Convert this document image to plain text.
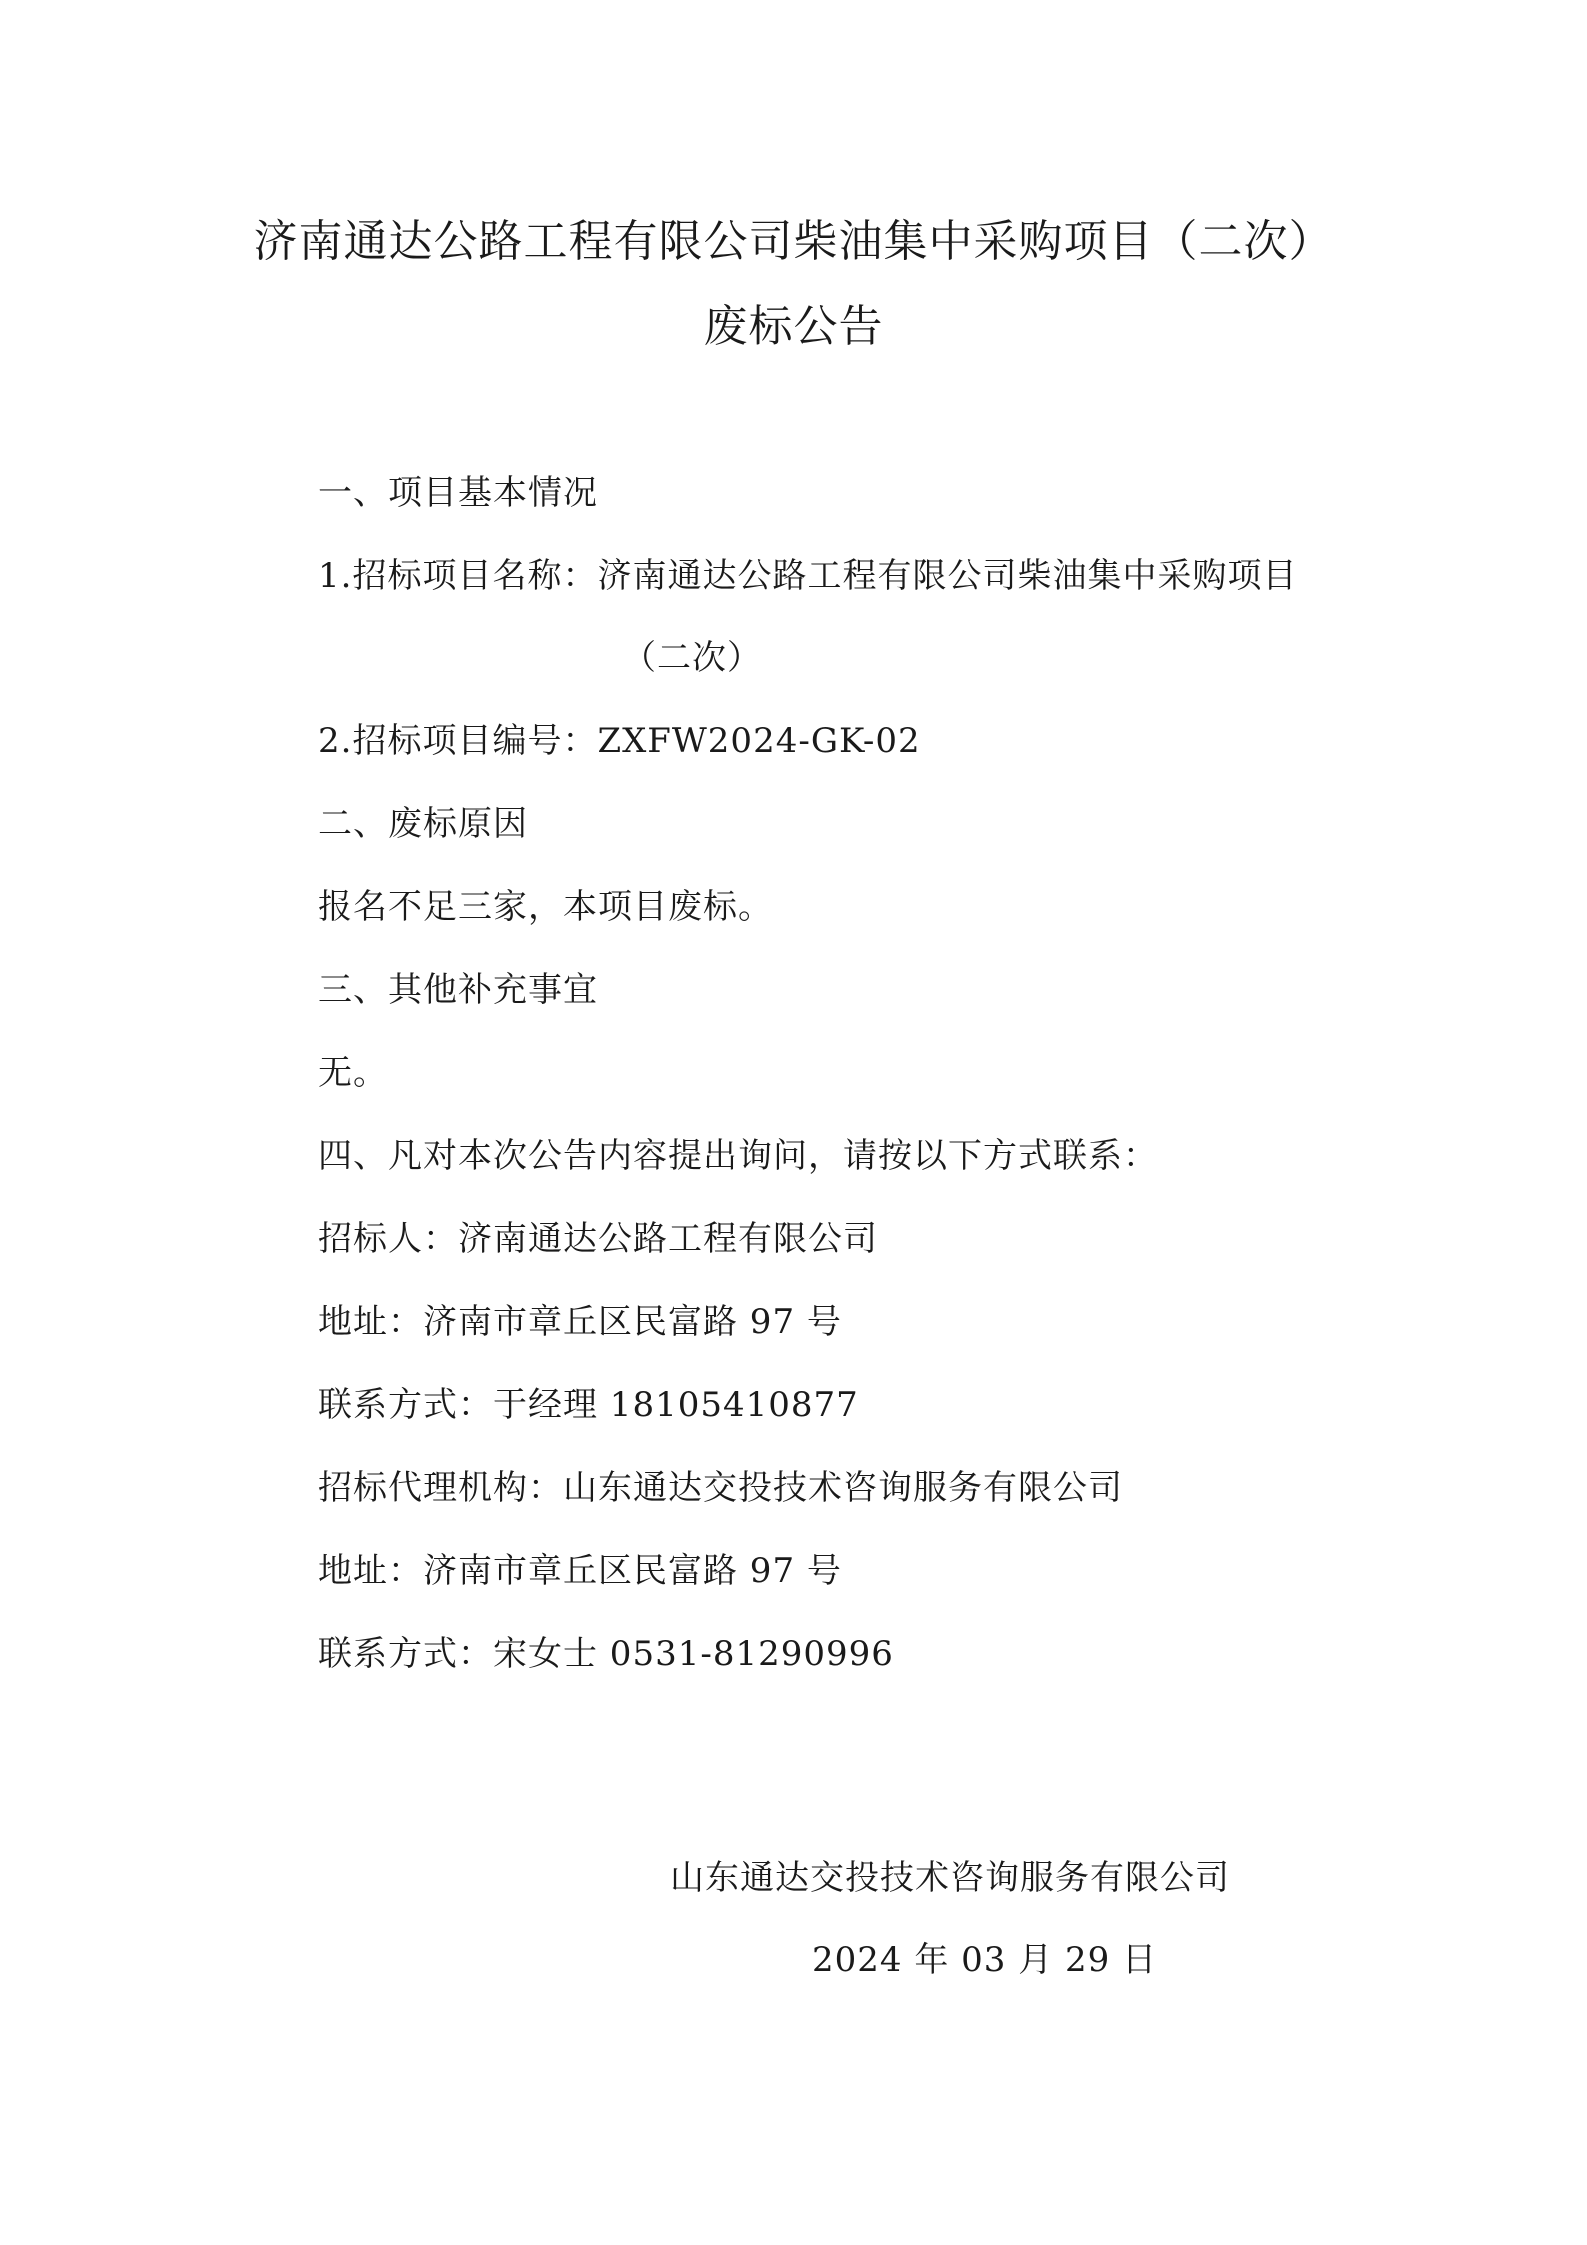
济南通达公路工程有限公司柴油集中采购项目（二次）
废标公告
一、项目基本情况
1.招标项目名称：济南通达公路工程有限公司柴油集中采购项目
（二次）
2.招标项目编号：ZXFW2024-GK-02
二、废标原因
报名不足三家，本项目废标。
三、其他补充事宜
无。
四、凡对本次公告内容提出询问，请按以下方式联系：
招标人：济南通达公路工程有限公司
地址：济南市章丘区民富路 97 号
联系方式：于经理 18105410877
招标代理机构：山东通达交投技术咨询服务有限公司
地址：济南市章丘区民富路 97 号
联系方式：宋女士 0531-81290996
山东通达交投技术咨询服务有限公司
2024 年 03 月 29 日
